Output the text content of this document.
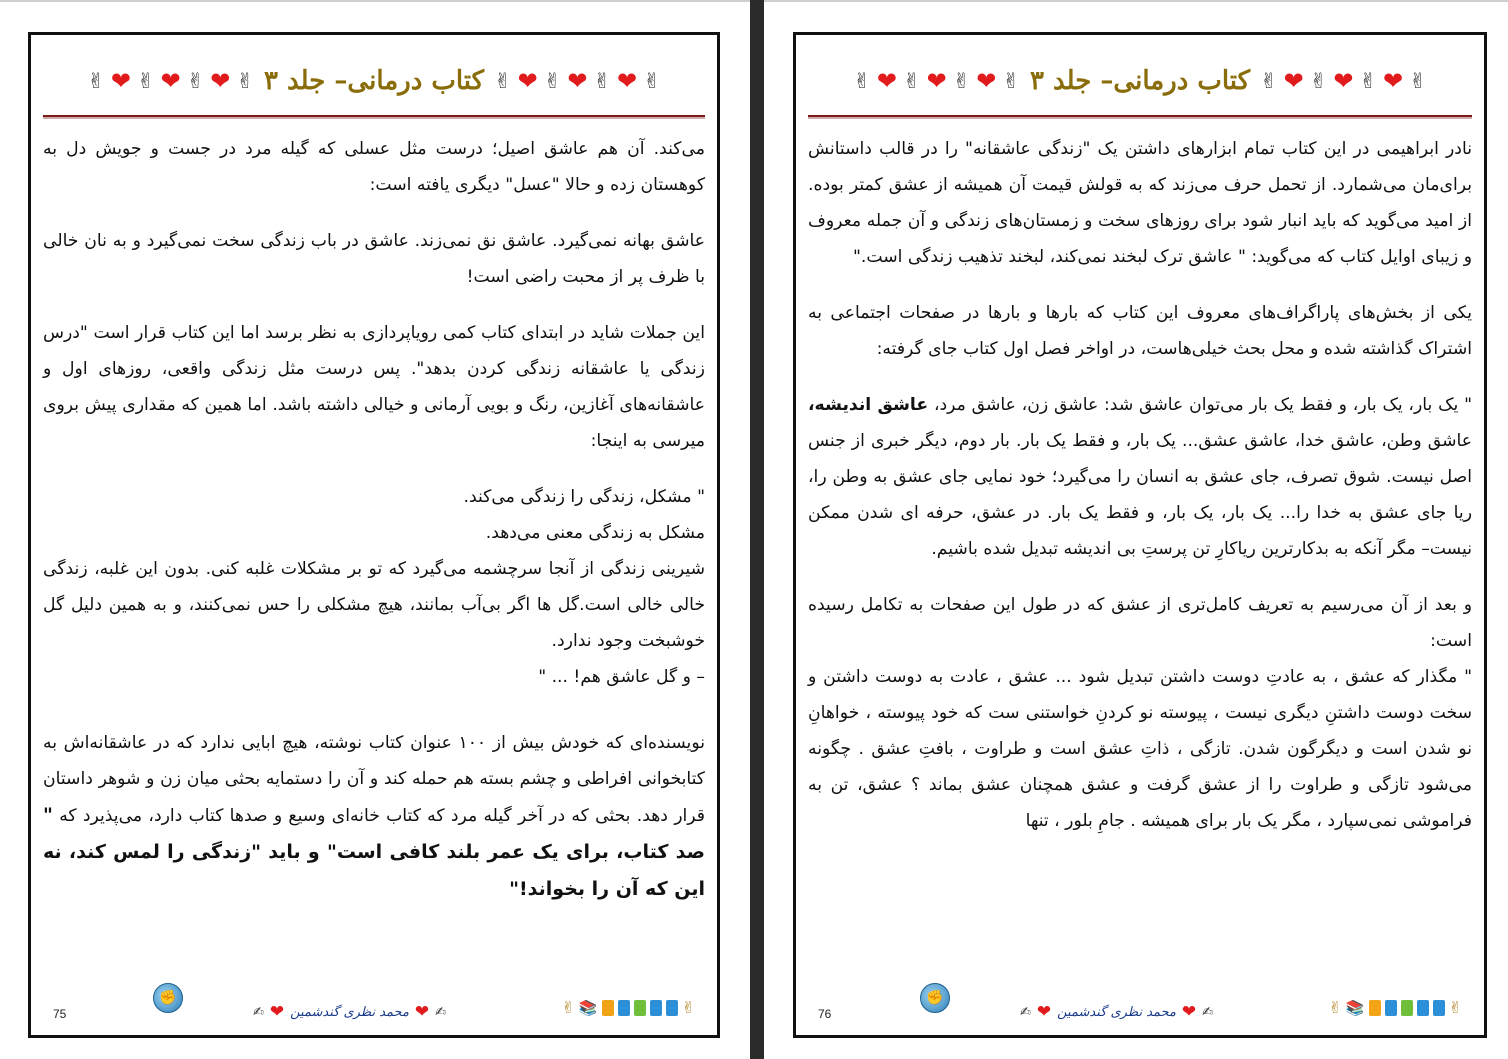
✌ ❤ ✌ ❤ ✌ ❤ ✌ کتاب درمانی– جلد ۳ ✌ ❤ ✌ ❤ ✌ ❤ ✌

می‌کند. آن هم عاشق اصیل؛ درست مثل عسلی که گیله مرد در جست و جویش دل به کوهستان زده و حالا "عسل" دیگری یافته است:

عاشق بهانه نمی‌گیرد. عاشق نق نمی‌زند. عاشق در باب زندگی سخت نمی‌گیرد و به نان خالی با ظرف پر از محبت راضی است!

این جملات شاید در ابتدای کتاب کمی رویاپردازی به نظر برسد اما این کتاب قرار است "درس زندگی یا عاشقانه زندگی کردن بدهد". پس درست مثل زندگی واقعی، روزهای اول و عاشقانه‌های آغازین، رنگ و بویی آرمانی و خیالی داشته باشد. اما همین که مقداری پیش بروی میرسی به اینجا:

" مشکل، زندگی را زندگی می‌کند.

مشکل به زندگی معنی می‌دهد.

شیرینی زندگی از آنجا سرچشمه می‌گیرد که تو بر مشکلات غلبه کنی. بدون این غلبه، زندگی خالی خالی است.گل ها اگر بی‌آب بمانند، هیچ مشکلی را حس نمی‌کنند، و به همین دلیل گل خوشبخت وجود ندارد.

– و گل عاشق هم! ... "

نویسنده‌ای که خودش بیش از ۱۰۰ عنوان کتاب نوشته، هیچ ابایی ندارد که در عاشقانه‌اش به کتابخوانی افراطی و چشم بسته هم حمله کند و آن را دستمایه بحثی میان زن و شوهر داستان قرار دهد. بحثی که در آخر گیله مرد که کتاب خانه‌ای وسیع و صدها کتاب دارد، می‌پذیرد که " صد کتاب، برای یک عمر بلند کافی است" و باید "زندگی را لمس کند، نه این که آن را بخواند!"

75
✊
✍ ❤ محمد نظری گندشمین ❤ ✍	✌ 📚	✌
✌ ❤ ✌ ❤ ✌ ❤ ✌ کتاب درمانی– جلد ۳ ✌ ❤ ✌ ❤ ✌ ❤ ✌

نادر ابراهیمی در این کتاب تمام ابزارهای داشتن یک "زندگی عاشقانه" را در قالب داستانش برای‌مان می‌شمارد. از تحمل حرف می‌زند که به قولش قیمت آن همیشه از عشق کمتر بوده. از امید می‌گوید که باید انبار شود برای روزهای سخت و زمستان‌های زندگی و آن جمله معروف و زیبای اوایل کتاب که می‌گوید: " عاشق ترک لبخند نمی‌کند، لبخند تذهیب زندگی است."

یکی از بخش‌های پاراگراف‌های معروف این کتاب که بارها و بارها در صفحات اجتماعی به اشتراک گذاشته شده و محل بحث خیلی‌هاست، در اواخر فصل اول کتاب جای گرفته:

" یک بار، یک بار، و فقط یک بار می‌توان عاشق شد: عاشق زن، عاشق مرد، عاشق اندیشه، عاشق وطن، عاشق خدا، عاشق عشق... یک بار، و فقط یک بار. بار دوم، دیگر خبری از جنس اصل نیست. شوق تصرف، جای عشق به انسان را می‌گیرد؛ خود نمایی جای عشق به وطن را، ریا جای عشق به خدا را... یک بار، یک بار، و فقط یک بار. در عشق، حرفه ای شدن ممکن نیست– مگر آنکه به بدکارترین ریاکارِ تن پرستِ بی اندیشه تبدیل شده باشیم.

و بعد از آن می‌رسیم به تعریف کامل‌تری از عشق که در طول این صفحات به تکامل رسیده است:

" مگذار که عشق ، به عادتِ دوست داشتن تبدیل شود ... عشق ، عادت به دوست داشتن و سخت دوست داشتنِ دیگری نیست ، پیوسته نو کردنِ خواستنی ست که خود پیوسته ، خواهانِ نو شدن است و دیگرگون شدن. تازگی ، ذاتِ عشق است و طراوت ، بافتِ عشق . چگونه می‌شود تازگی و طراوت را از عشق گرفت و عشق همچنان عشق بماند ؟ عشق، تن به فراموشی نمی‌سپارد ، مگر یک بار برای همیشه . جامِ بلور ، تنها

76
✊
✍ ❤ محمد نظری گندشمین ❤ ✍	✌ 📚	✌
